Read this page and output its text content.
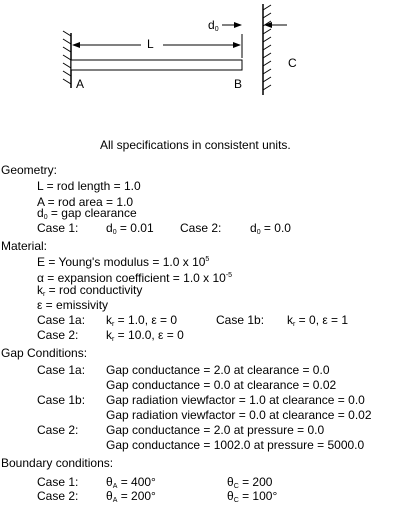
L
$d_0$
A	B
C
All specifications in consistent units.
Geometry:
L = rod length = 1.0
A = rod area = 1.0
$d_0$ = gap clearance
Case 1: $d_0 = 0.01$ Case 2: $d_0 = 0.0$
Material:
E = Young's modulus = 1.0 x $10^5$
α = expansion coefficient = 1.0 x $10^{-5}$
$k_r$ = rod conductivity
ε = emissivity
Case 1a: $k_r = 1.0$, ε = 0	Case 1b: $k_r = 0$, ε = 1
Case 2: $k_r = 10.0$, ε = 0
Gap Conditions:
Case 1a: Gap conductance = 2.0 at clearance = 0.0
Gap conductance = 0.0 at clearance = 0.02
Case 1b: Gap radiation viewfactor = 1.0 at clearance = 0.0
Gap radiation viewfactor = 0.0 at clearance = 0.02
Case 2: Gap conductance = 2.0 at pressure = 0.0
Gap conductance = 1002.0 at pressure = 5000.0
Boundary conditions:
Case 1: $\theta_A = 400^\circ$	$\theta_C = 200$
Case 2: $\theta_A = 200^\circ$	$\theta_C = 100^\circ$
